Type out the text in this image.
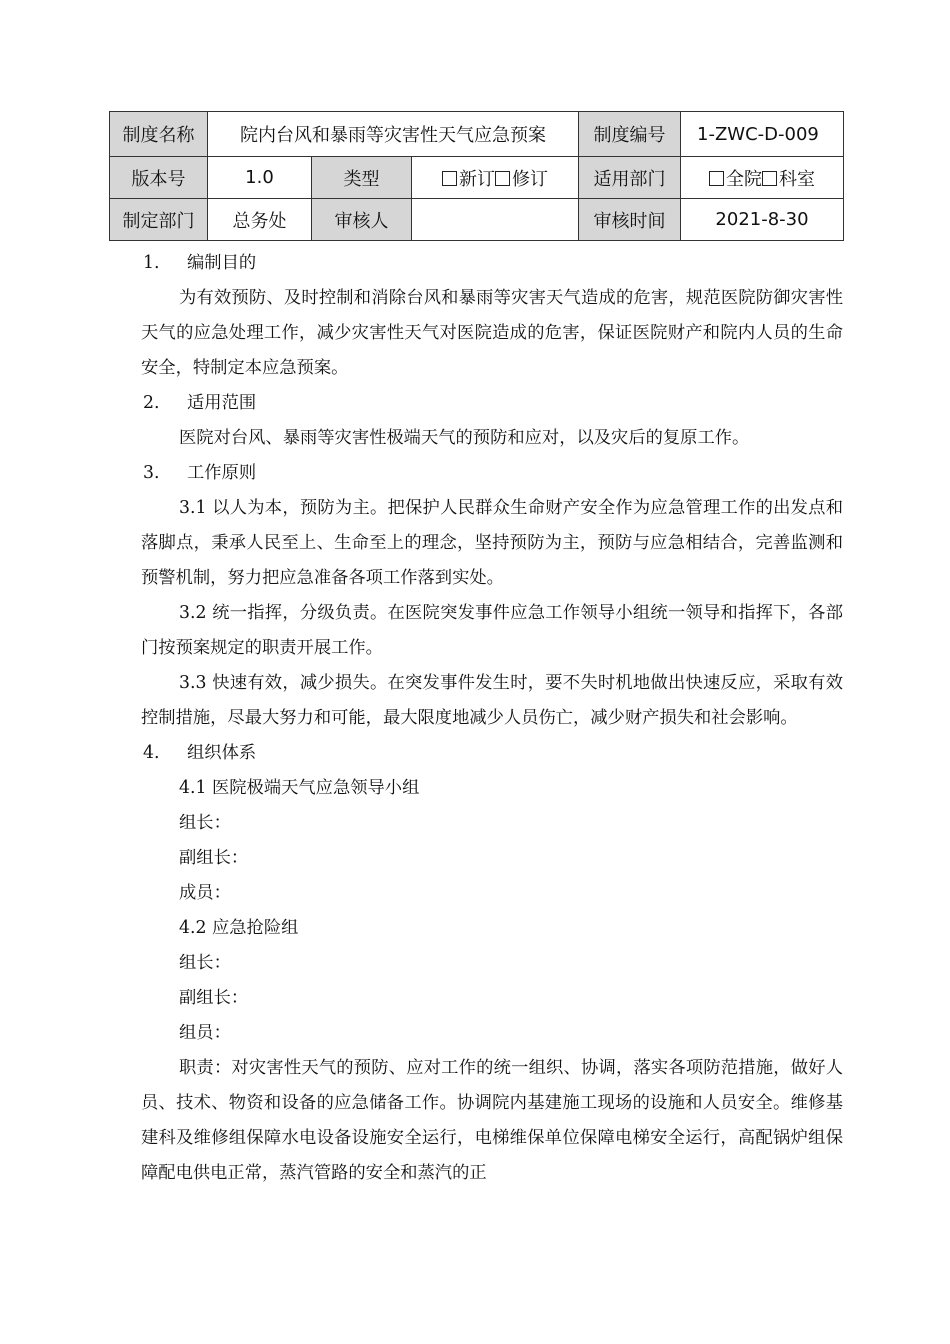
制度名称	院内台风和暴雨等灾害性天气应急预案			制度编号	1-ZWC-D-009
版本号	1.0	类型	新订 修订	适用部门	全院 科室
制定部门	总务处	审核人		审核时间	2021-8-30

1. 编制目的

为有效预防、及时控制和消除台风和暴雨等灾害天气造成的危害，规范医院防御灾害性天气的应急处理工作，减少灾害性天气对医院造成的危害，保证医院财产和院内人员的生命安全，特制定本应急预案。

2. 适用范围

医院对台风、暴雨等灾害性极端天气的预防和应对，以及灾后的复原工作。

3. 工作原则

3.1 以人为本，预防为主。把保护人民群众生命财产安全作为应急管理工作的出发点和落脚点，秉承人民至上、生命至上的理念，坚持预防为主，预防与应急相结合，完善监测和预警机制，努力把应急准备各项工作落到实处。

3.2 统一指挥，分级负责。在医院突发事件应急工作领导小组统一领导和指挥下，各部门按预案规定的职责开展工作。

3.3 快速有效，减少损失。在突发事件发生时，要不失时机地做出快速反应，采取有效控制措施，尽最大努力和可能，最大限度地减少人员伤亡，减少财产损失和社会影响。

4. 组织体系

4.1 医院极端天气应急领导小组

组长：

副组长：

成员：

4.2 应急抢险组

组长：

副组长：

组员：

职责：对灾害性天气的预防、应对工作的统一组织、协调，落实各项防范措施，做好人员、技术、物资和设备的应急储备工作。协调院内基建施工现场的设施和人员安全。维修基建科及维修组保障水电设备设施安全运行，电梯维保单位保障电梯安全运行，高配锅炉组保障配电供电正常，蒸汽管路的安全和蒸汽的正
